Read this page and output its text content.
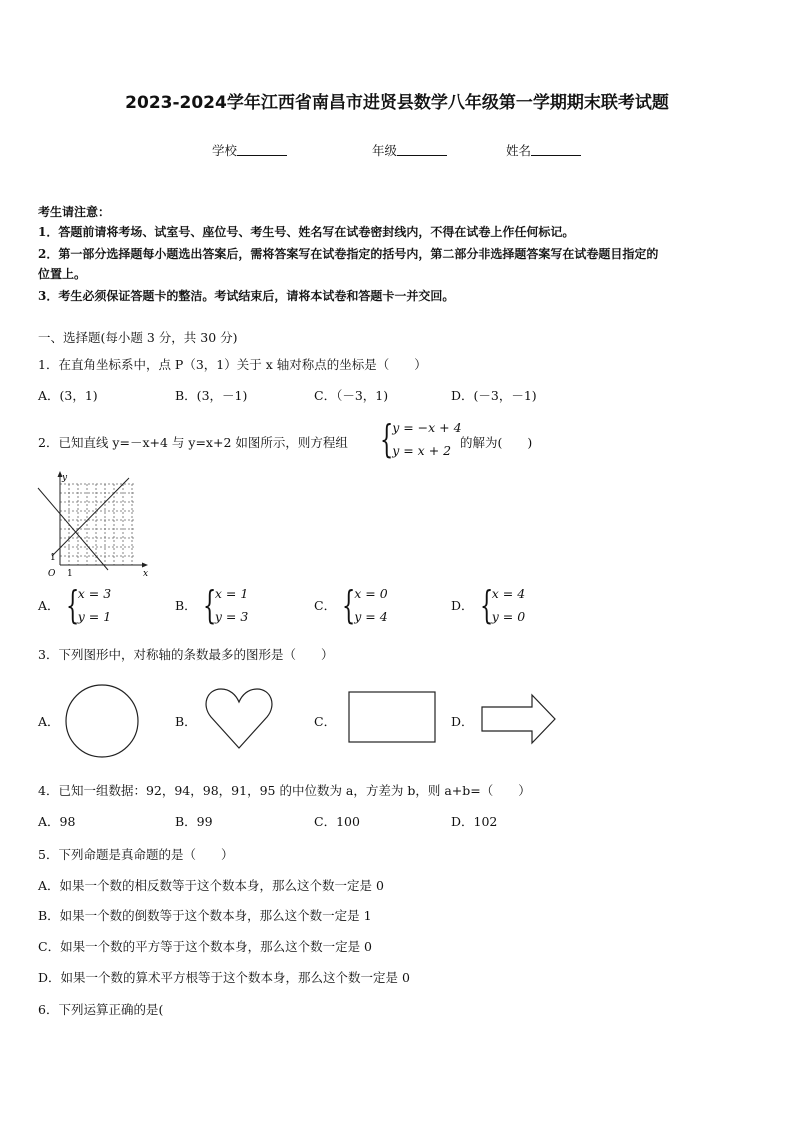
2023-2024学年江西省南昌市进贤县数学八年级第一学期期末联考试题
学校	年级	姓名
考生请注意：
1．答题前请将考场、试室号、座位号、考生号、姓名写在试卷密封线内，不得在试卷上作任何标记。
2．第一部分选择题每小题选出答案后，需将答案写在试卷指定的括号内，第二部分非选择题答案写在试卷题目指定的
位置上。
3．考生必须保证答题卡的整洁。考试结束后，请将本试卷和答题卡一并交回。
一、选择题(每小题 3 分，共 30 分)
1．在直角坐标系中，点 P（3，1）关于 x 轴对称点的坐标是（　　）
A．(3，1)	B．(3，－1)	C．（－3，1)	D．(－3，－1)
2．已知直线 y=－x+4 与 y=x+2 如图所示，则方程组 {
y = −x + 4
y = x + 2
的解为(　　)
y
x
O 1
1
A． {
x = 3
y = 1
B． {
x = 1
y = 3
C． {
x = 0
y = 4
D． {
x = 4
y = 0
3．下列图形中，对称轴的条数最多的图形是（　　）
A．	B．	C．	D．
4．已知一组数据：92，94，98，91，95 的中位数为 a，方差为 b，则 a+b=（　　）
A．98	B．99	C．100	D．102
5．下列命题是真命题的是（　　）
A．如果一个数的相反数等于这个数本身，那么这个数一定是 0
B．如果一个数的倒数等于这个数本身，那么这个数一定是 1
C．如果一个数的平方等于这个数本身，那么这个数一定是 0
D．如果一个数的算术平方根等于这个数本身，那么这个数一定是 0
6．下列运算正确的是(
